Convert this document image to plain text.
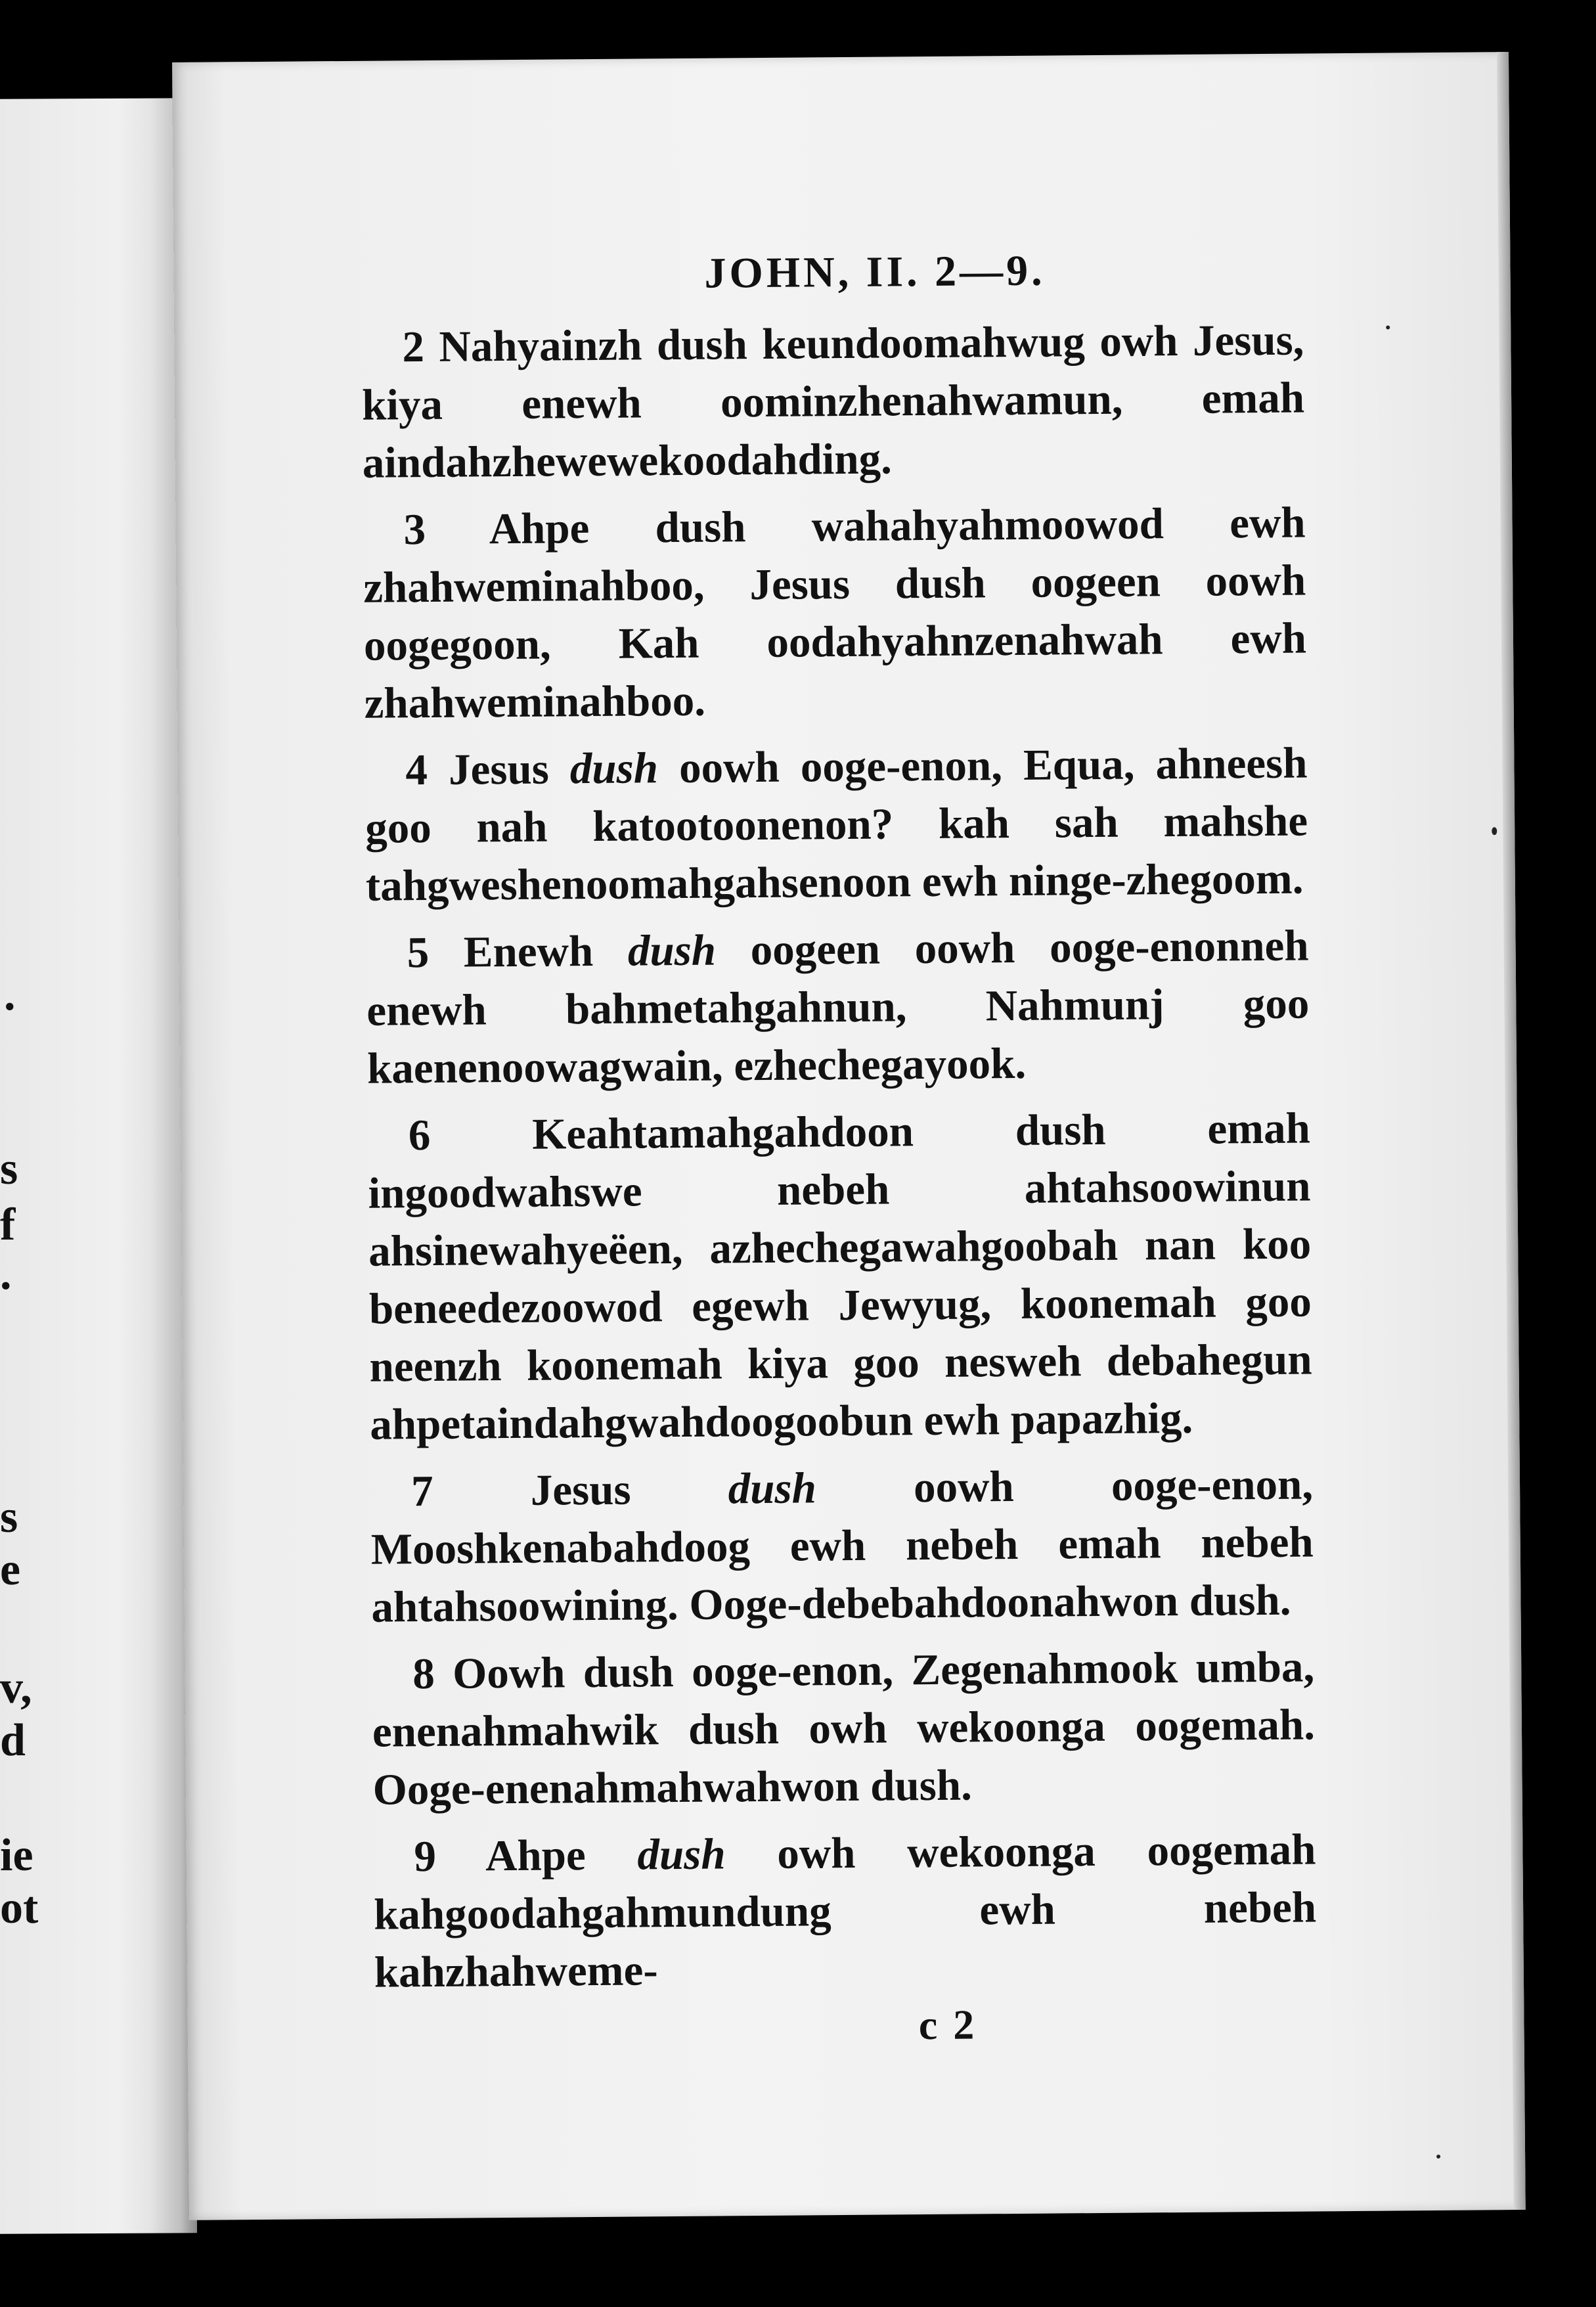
.
s
f
.
s
e
v,
d
ie
ot
JOHN, II. 2—9.

2 Nahyainzh dush keundoomahwug owh Jesus, kiya enewh oominzhenahwamun, emah aindahzhewewekoodahding.

3 Ahpe dush wahahyahmoowod ewh zhahweminahboo, Jesus dush oogeen oowh oogegoon, Kah oodahyahnzenahwah ewh zhahweminahboo.

4 Jesus dush oowh ooge-enon, Equa, ahneesh goo nah katootoonenon? kah sah mahshe tahgweshenoomahgahsenoon ewh ninge-zhegoom.

5 Enewh dush oogeen oowh ooge-enonneh enewh bahmetahgahnun, Nahmunj goo kaenenoowagwain, ezhechegayook.

6 Keahtamahgahdoon dush emah ingoodwahswe nebeh ahtahsoowinun ahsinewahyeëen, azhechegawahgoobah nan koo beneedezoowod egewh Jewyug, koonemah goo neenzh koonemah kiya goo nesweh debahegun ahpetaindahgwahdoogoobun ewh papazhig.

7 Jesus dush oowh ooge-enon, Mooshkenabahdoog ewh nebeh emah nebeh ahtahsoowining. Ooge-debebahdoonahwon dush.

8 Oowh dush ooge-enon, Zegenahmook umba, enenahmahwik dush owh wekoonga oogemah. Ooge-enenahmahwahwon dush.

9 Ahpe dush owh wekoonga oogemah kahgoodahgahmundung ewh nebeh kahzhahweme-

c 2
